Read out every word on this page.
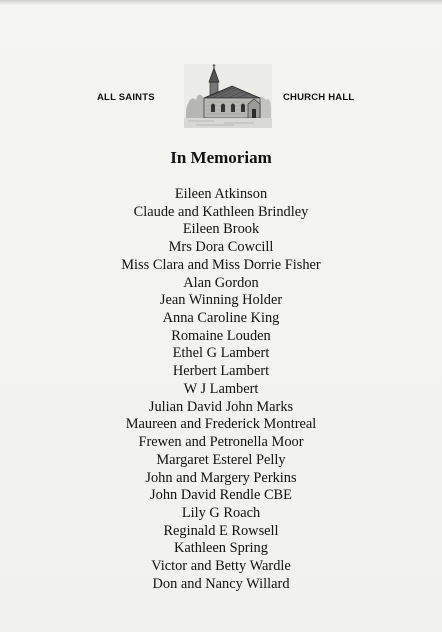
ALL SAINTS	CHURCH HALL
In Memoriam
Eileen Atkinson
Claude and Kathleen Brindley
Eileen Brook
Mrs Dora Cowcill
Miss Clara and Miss Dorrie Fisher
Alan Gordon
Jean Winning Holder
Anna Caroline King
Romaine Louden
Ethel G Lambert
Herbert Lambert
W J Lambert
Julian David John Marks
Maureen and Frederick Montreal
Frewen and Petronella Moor
Margaret Esterel Pelly
John and Margery Perkins
John David Rendle CBE
Lily G Roach
Reginald E Rowsell
Kathleen Spring
Victor and Betty Wardle
Don and Nancy Willard
